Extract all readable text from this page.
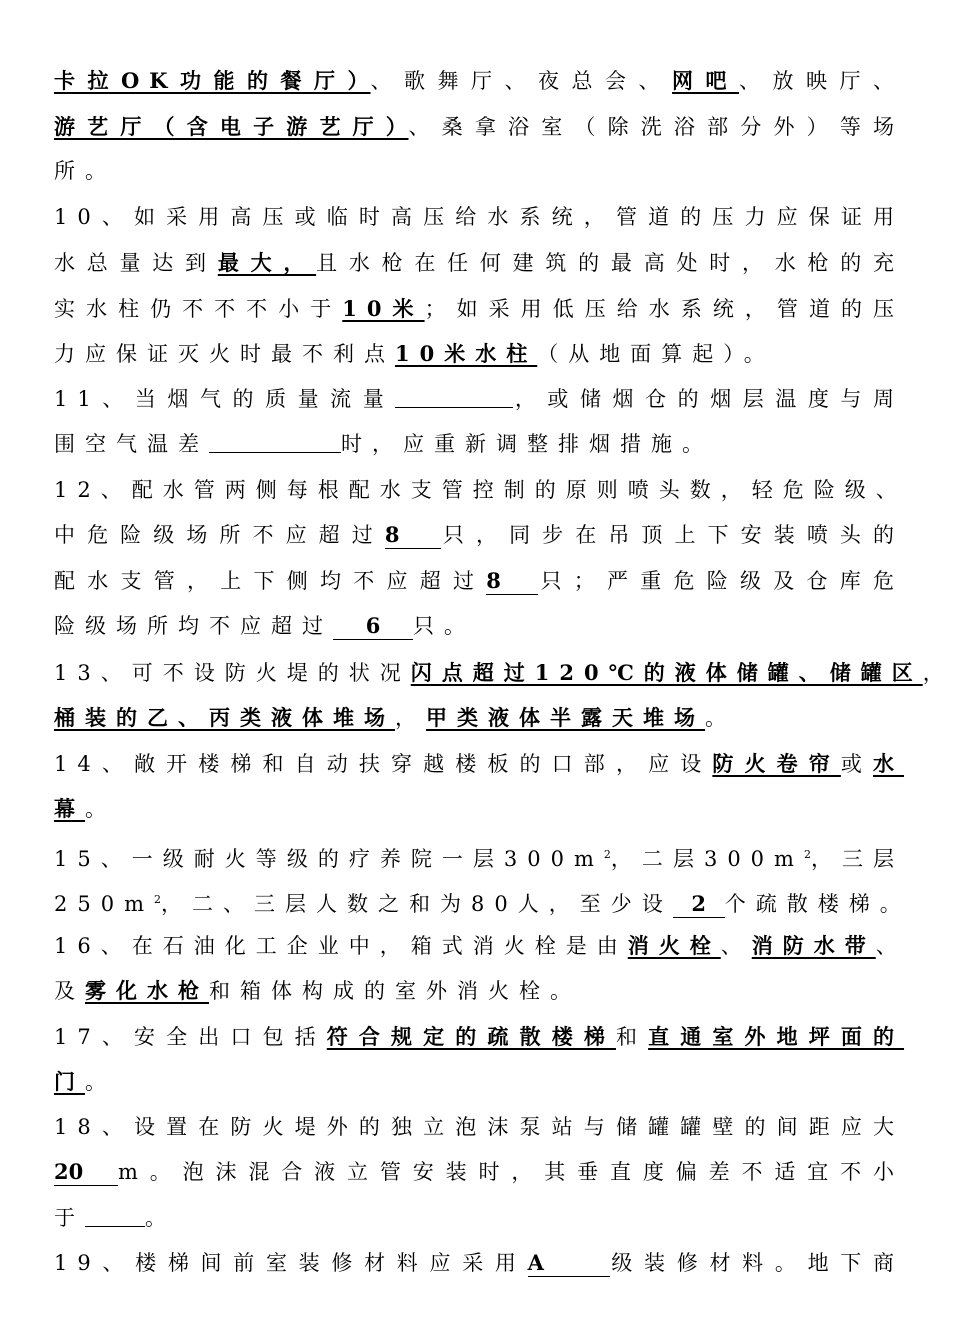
卡拉OK功能的餐厅）、歌舞厅、夜总会、网吧、放映厅、
游艺厅（含电子游艺厅）、桑拿浴室（除洗浴部分外）等场
所。
10、如采用高压或临时高压给水系统，管道的压力应保证用
水总量达到最大，且水枪在任何建筑的最高处时，水枪的充
实水柱仍不不不小于10米；如采用低压给水系统，管道的压
力应保证灭火时最不利点10米水柱（从地面算起）。
11、当烟气的质量流量	，或储烟仓的烟层温度与周
围空气温差	时，应重新调整排烟措施。
12、配水管两侧每根配水支管控制的原则喷头数，轻危险级、
中危险级场所不应超过8 只，同步在吊顶上下安装喷头的
配水支管，上下侧均不应超过8 只；严重危险级及仓库危
险级场所均不应超过 6 只。
13、可不设防火堤的状况闪点超过120℃的液体储罐、储罐区，
桶装的乙、丙类液体堆场，甲类液体半露天堆场。
14、敞开楼梯和自动扶穿越楼板的口部，应设防火卷帘或水
幕。
15、一级耐火等级的疗养院一层$300m^2$，二层$300m^2$，三层
$250m^2$，二、三层人数之和为80人，至少设 2 个疏散楼梯。
16、在石油化工企业中，箱式消火栓是由消火栓、消防水带、
及雾化水枪和箱体构成的室外消火栓。
17、安全出口包括符合规定的疏散楼梯和直通室外地坪面的
门。
18、设置在防火堤外的独立泡沫泵站与储罐罐壁的间距应大
20 m。泡沫混合液立管安装时，其垂直度偏差不适宜不小
于	。
19、楼梯间前室装修材料应采用A	级装修材料。地下商
